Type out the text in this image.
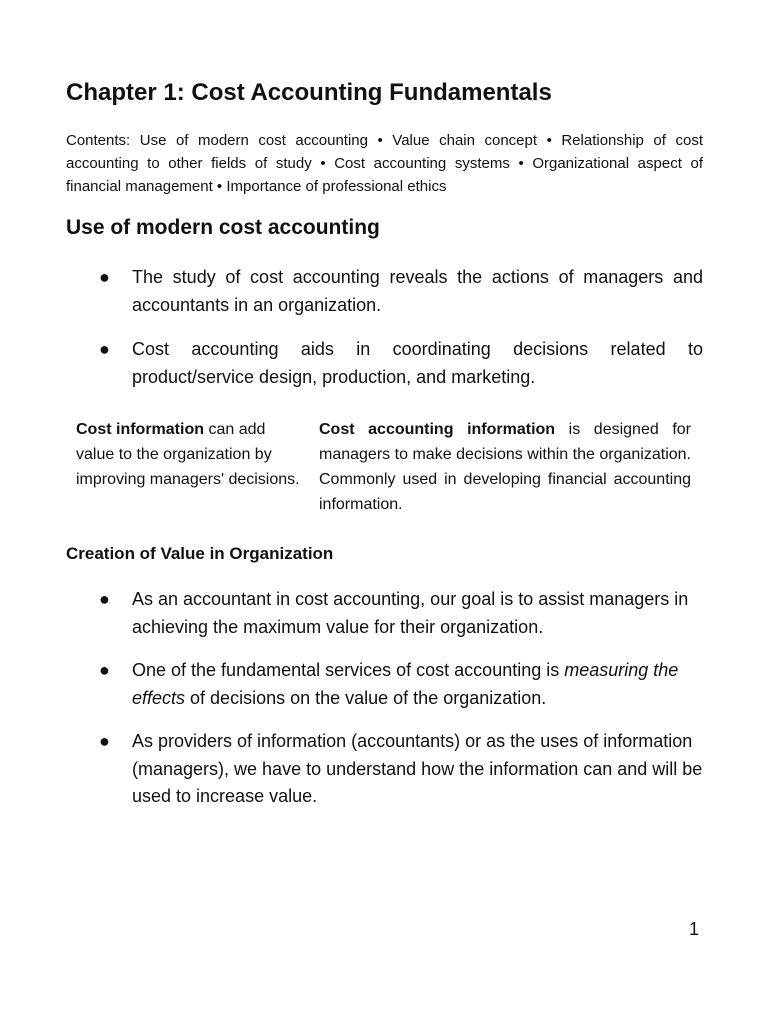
Chapter 1: Cost Accounting Fundamentals

Contents: Use of modern cost accounting • Value chain concept • Relationship of cost accounting to other fields of study • Cost accounting systems • Organizational aspect of financial management • Importance of professional ethics

Use of modern cost accounting
● The study of cost accounting reveals the actions of managers and accountants in an organization.
● Cost accounting aids in coordinating decisions related to product/service design, production, and marketing.

Cost information can add value to the organization by improving managers' decisions.

Cost accounting information is designed for managers to make decisions within the organization. Commonly used in developing financial accounting information.

Creation of Value in Organization
● As an accountant in cost accounting, our goal is to assist managers in achieving the maximum value for their organization.
● One of the fundamental services of cost accounting is measuring the effects of decisions on the value of the organization.
● As providers of information (accountants) or as the uses of information (managers), we have to understand how the information can and will be used to increase value.
1
